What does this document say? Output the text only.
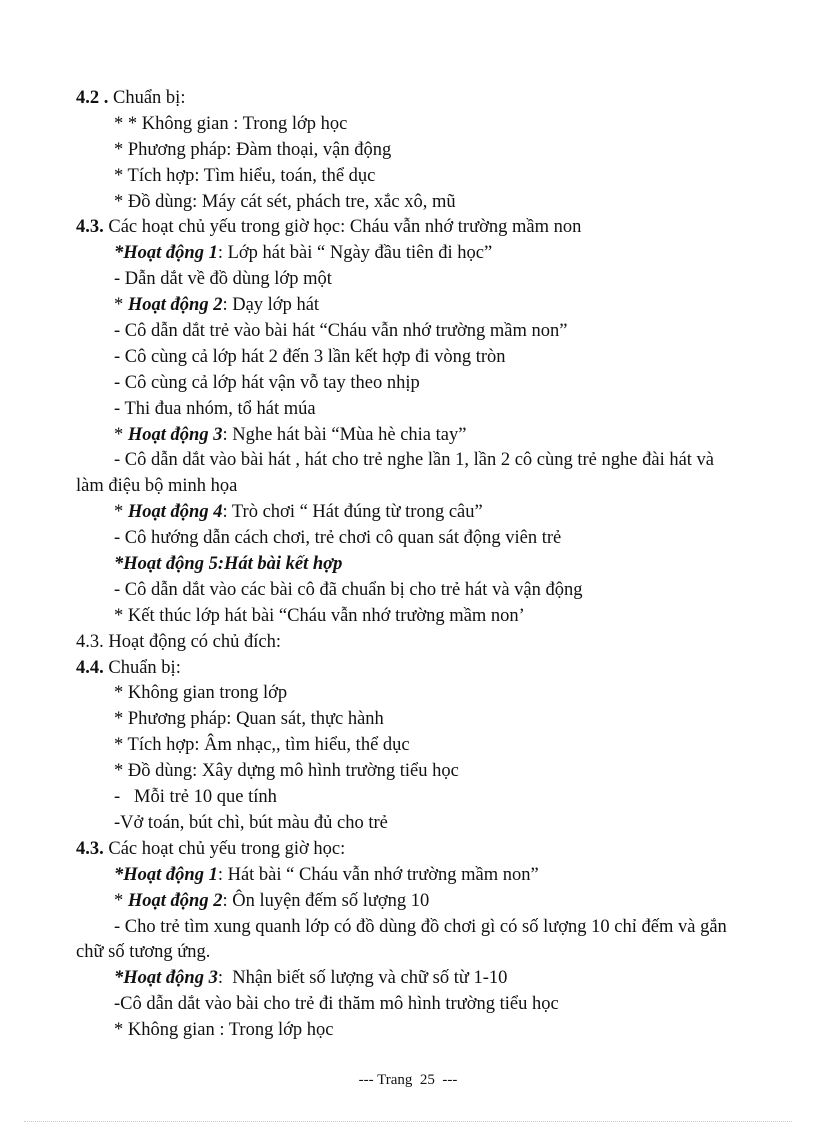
4.2 . Chuẩn bị:
* * Không gian : Trong lớp học
* Phương pháp: Đàm thoại, vận động
* Tích hợp: Tìm hiểu, toán, thể dục
* Đồ dùng: Máy cát sét, phách tre, xắc xô, mũ
4.3. Các hoạt chủ yếu trong giờ học: Cháu vẫn nhớ trường mầm non
*Hoạt động 1: Lớp hát bài “ Ngày đầu tiên đi học”
- Dẫn dắt về đồ dùng lớp một
* Hoạt động 2: Dạy lớp hát
- Cô dẫn dắt trẻ vào bài hát “Cháu vẫn nhớ trường mầm non”
- Cô cùng cả lớp hát 2 đến 3 lần kết hợp đi vòng tròn
- Cô cùng cả lớp hát vận vỗ tay theo nhịp
- Thi đua nhóm, tổ hát múa
* Hoạt động 3: Nghe hát bài “Mùa hè chia tay”
- Cô dẫn dắt vào bài hát , hát cho trẻ nghe lần 1, lần 2 cô cùng trẻ nghe đài hát và
làm điệu bộ minh họa
* Hoạt động 4: Trò chơi “ Hát đúng từ trong câu”
- Cô hướng dẫn cách chơi, trẻ chơi cô quan sát động viên trẻ
*Hoạt động 5:Hát bài kết hợp
- Cô dẫn dắt vào các bài cô đã chuẩn bị cho trẻ hát và vận động
* Kết thúc lớp hát bài “Cháu vẫn nhớ trường mầm non’
4.3. Hoạt động có chủ đích:
4.4. Chuẩn bị:
* Không gian trong lớp
* Phương pháp: Quan sát, thực hành
* Tích hợp: Âm nhạc,, tìm hiểu, thể dục
* Đồ dùng: Xây dựng mô hình trường tiểu học
-   Mỗi trẻ 10 que tính
-Vở toán, bút chì, bút màu đủ cho trẻ
4.3. Các hoạt chủ yếu trong giờ học:
*Hoạt động 1: Hát bài “ Cháu vẫn nhớ trường mầm non”
* Hoạt động 2: Ôn luyện đếm số lượng 10
- Cho trẻ tìm xung quanh lớp có đồ dùng đồ chơi gì có số lượng 10 chỉ đếm và gắn
chữ số tương ứng.
*Hoạt động 3:  Nhận biết số lượng và chữ số từ 1-10
-Cô dẫn dắt vào bài cho trẻ đi thăm mô hình trường tiểu học
* Không gian : Trong lớp học
--- Trang  25  ---
